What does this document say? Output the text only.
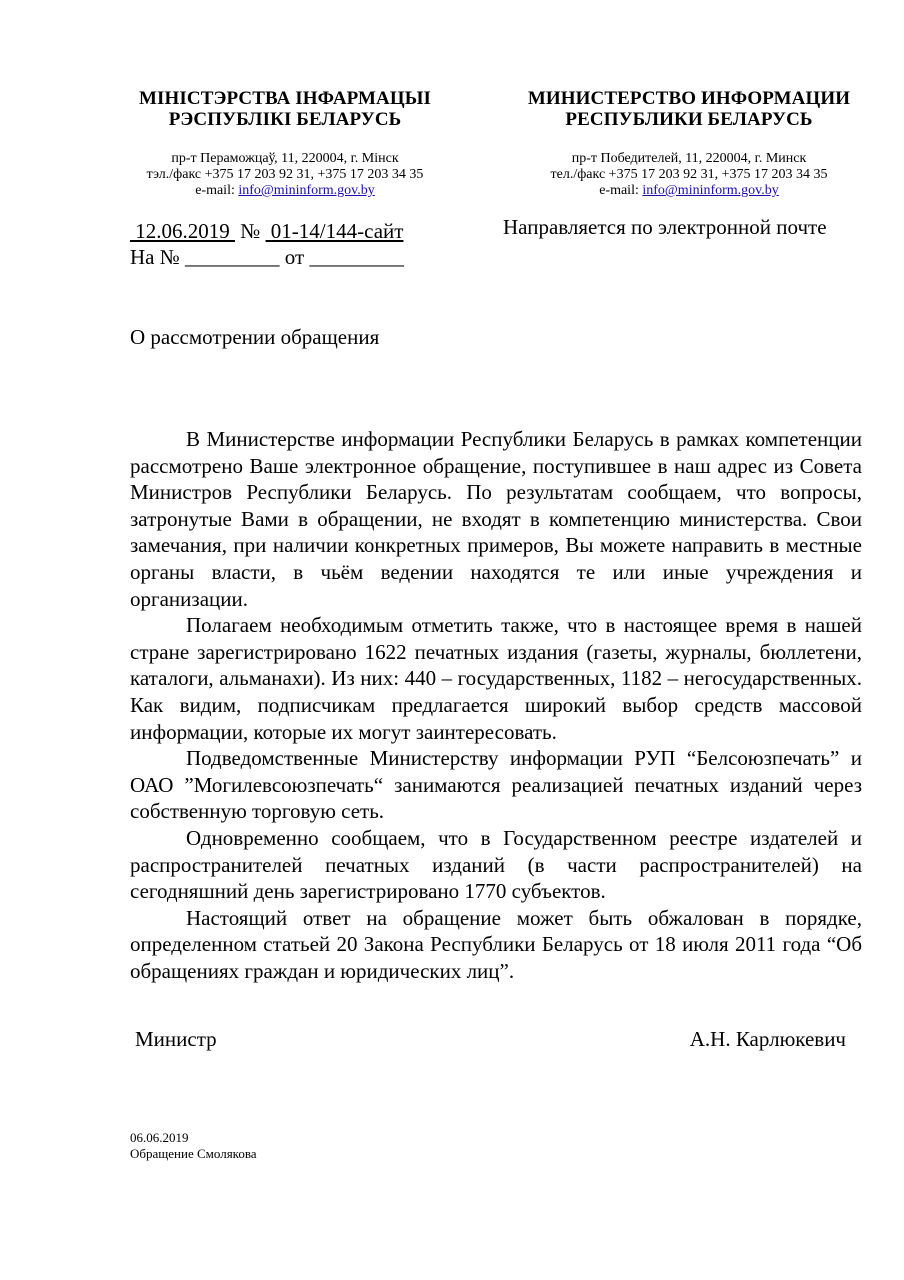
МІНІСТЭРСТВА ІНФАРМАЦЫІ
РЭСПУБЛІКІ БЕЛАРУСЬ
пр-т Пераможцаў, 11, 220004, г. Мінск
тэл./факс +375 17 203 92 31, +375 17 203 34 35
e-mail: info@mininform.gov.by
МИНИСТЕРСТВО ИНФОРМАЦИИ
РЕСПУБЛИКИ БЕЛАРУСЬ
пр-т Победителей, 11, 220004, г. Минск
тел./факс +375 17 203 92 31, +375 17 203 34 35
e-mail: info@mininform.gov.by
12.06.2019  №  01-14/144-сайт
На № _________ от _________
Направляется по электронной почте
О рассмотрении обращения

В Министерстве информации Республики Беларусь в рамках компетенции рассмотрено Ваше электронное обращение, поступившее в наш адрес из Совета Министров Республики Беларусь. По результатам сообщаем, что вопросы, затронутые Вами в обращении, не входят в компетенцию министерства. Свои замечания, при наличии конкретных примеров, Вы можете направить в местные органы власти, в чьём ведении находятся те или иные учреждения и организации.

Полагаем необходимым отметить также, что в настоящее время в нашей стране зарегистрировано 1622 печатных издания (газеты, журналы, бюллетени, каталоги, альманахи). Из них: 440 – государственных, 1182 – негосударственных. Как видим, подписчикам предлагается широкий выбор средств массовой информации, которые их могут заинтересовать.

Подведомственные Министерству информации РУП “Белсоюзпечать” и ОАО ”Могилевсоюзпечать“ занимаются реализацией печатных изданий через собственную торговую сеть.

Одновременно сообщаем, что в Государственном реестре издателей и распространителей печатных изданий (в части распространителей) на сегодняшний день зарегистрировано 1770 субъектов.

Настоящий ответ на обращение может быть обжалован в порядке, определенном статьей 20 Закона Республики Беларусь от 18 июля 2011 года “Об обращениях граждан и юридических лиц”.

Министр	А.Н. Карлюкевич
06.06.2019
Обращение Смолякова
